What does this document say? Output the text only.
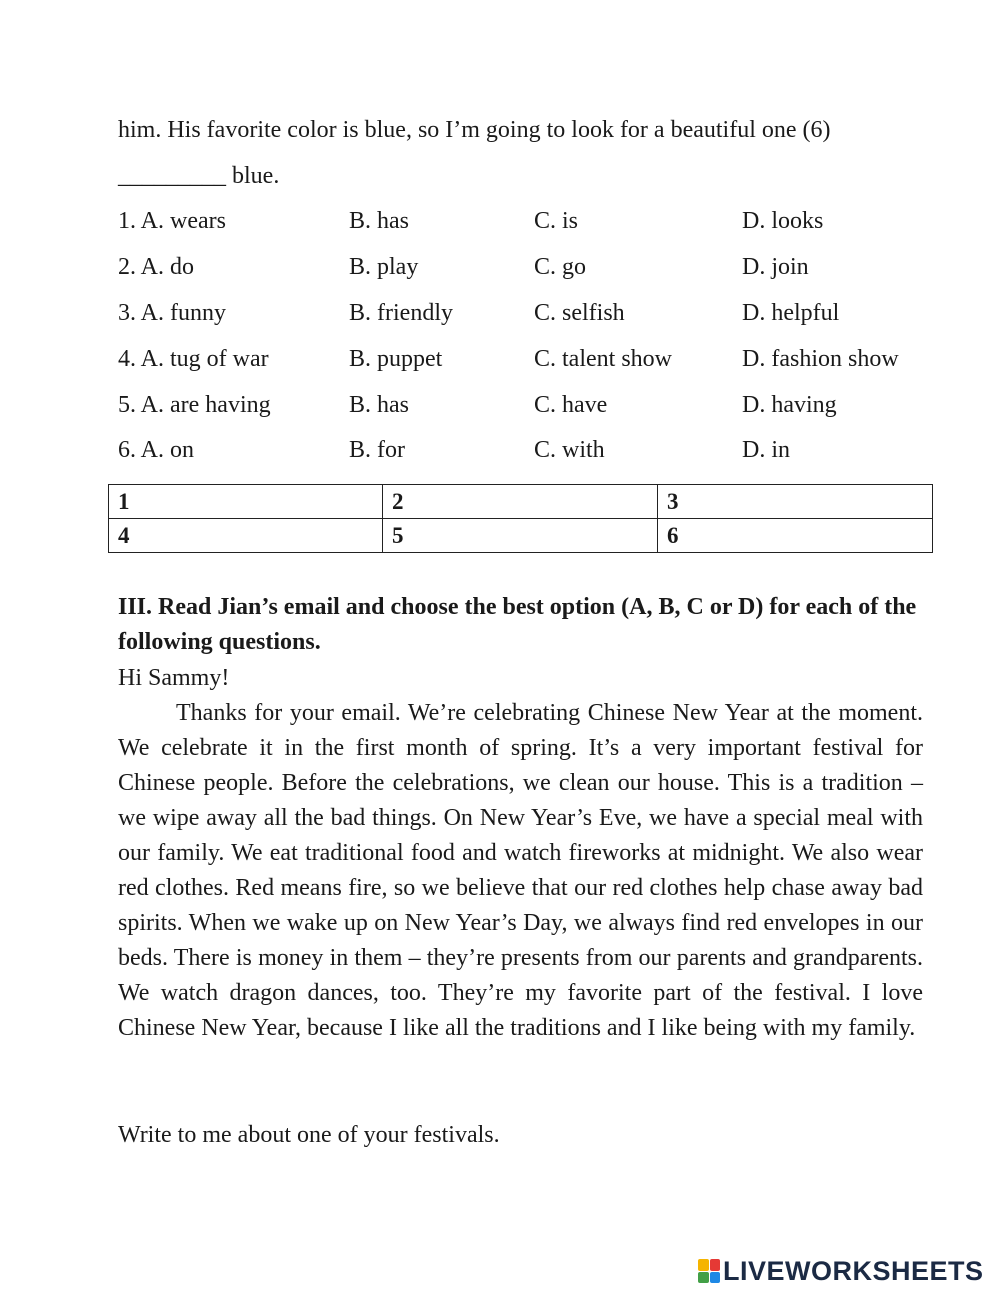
him. His favorite color is blue, so I’m going to look for a beautiful one (6)
_________ blue.
1. A. wears	B. has	C. is	D. looks
2. A. do	B. play	C. go	D. join
3. A. funny	B. friendly	C. selfish	D. helpful
4. A. tug of war	B. puppet	C. talent show	D. fashion show
5. A. are having	B. has	C. have	D. having
6. A. on	B. for	C. with	D. in
1	2	3
4	5	6
III. Read Jian’s email and choose the best option (A, B, C or D) for each of the following questions.
Hi Sammy!

Thanks for your email. We’re celebrating Chinese New Year at the moment. We celebrate it in the first month of spring. It’s a very important festival for Chinese people. Before the celebrations, we clean our house. This is a tradition – we wipe away all the bad things. On New Year’s Eve, we have a special meal with our family. We eat traditional food and watch fireworks at midnight. We also wear red clothes. Red means fire, so we believe that our red clothes help chase away bad spirits. When we wake up on New Year’s Day, we always find red envelopes in our beds. There is money in them – they’re presents from our parents and grandparents. We watch dragon dances, too. They’re my favorite part of the festival. I love Chinese New Year, because I like all the traditions and I like being with my family.

Write to me about one of your festivals.
LIVEWORKSHEETS
